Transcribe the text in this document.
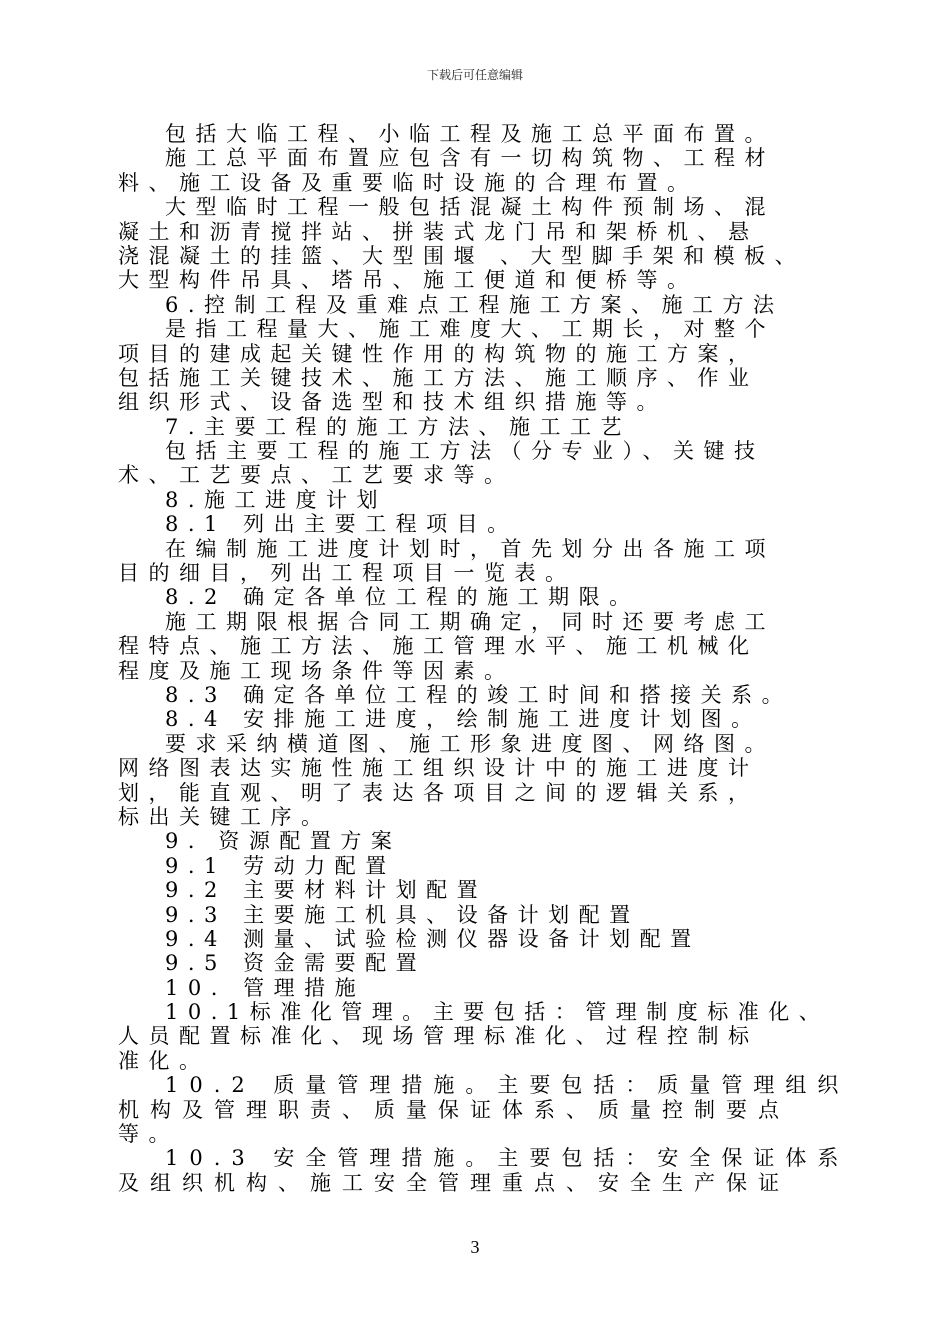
下载后可任意编辑
包括大临工程、小临工程及施工总平面布置。
施工总平面布置应包含有一切构筑物、工程材
料、施工设备及重要临时设施的合理布置。
大型临时工程一般包括混凝土构件预制场、混
凝土和沥青搅拌站、拼装式龙门吊和架桥机、悬
浇混凝土的挂篮、大型围堰 、大型脚手架和模板、
大型构件吊具、塔吊、施工便道和便桥等。
6.控制工程及重难点工程施工方案、施工方法
是指工程量大、施工难度大、工期长，对整个
项目的建成起关键性作用的构筑物的施工方案，
包括施工关键技术、施工方法、施工顺序、作业
组织形式、设备选型和技术组织措施等。
7.主要工程的施工方法、施工工艺
包括主要工程的施工方法（分专业）、关键技
术、工艺要点、工艺要求等。
8.施工进度计划
8.1 列出主要工程项目。
在编制施工进度计划时，首先划分出各施工项
目的细目，列出工程项目一览表。
8.2 确定各单位工程的施工期限。
施工期限根据合同工期确定，同时还要考虑工
程特点、施工方法、施工管理水平、施工机械化
程度及施工现场条件等因素。
8.3 确定各单位工程的竣工时间和搭接关系。
8.4 安排施工进度，绘制施工进度计划图。
要求采纳横道图、施工形象进度图、网络图。
网络图表达实施性施工组织设计中的施工进度计
划，能直观、明了表达各项目之间的逻辑关系，
标出关键工序。
9．资源配置方案
9.1 劳动力配置
9.2 主要材料计划配置
9.3 主要施工机具、设备计划配置
9.4 测量、试验检测仪器设备计划配置
9.5 资金需要配置
10. 管理措施
10.1标准化管理。主要包括：管理制度标准化、
人员配置标准化、现场管理标准化、过程控制标
准化。
10.2 质量管理措施。主要包括：质量管理组织
机构及管理职责、质量保证体系、质量控制要点
等。
10.3 安全管理措施。主要包括：安全保证体系
及组织机构、施工安全管理重点、安全生产保证
3
